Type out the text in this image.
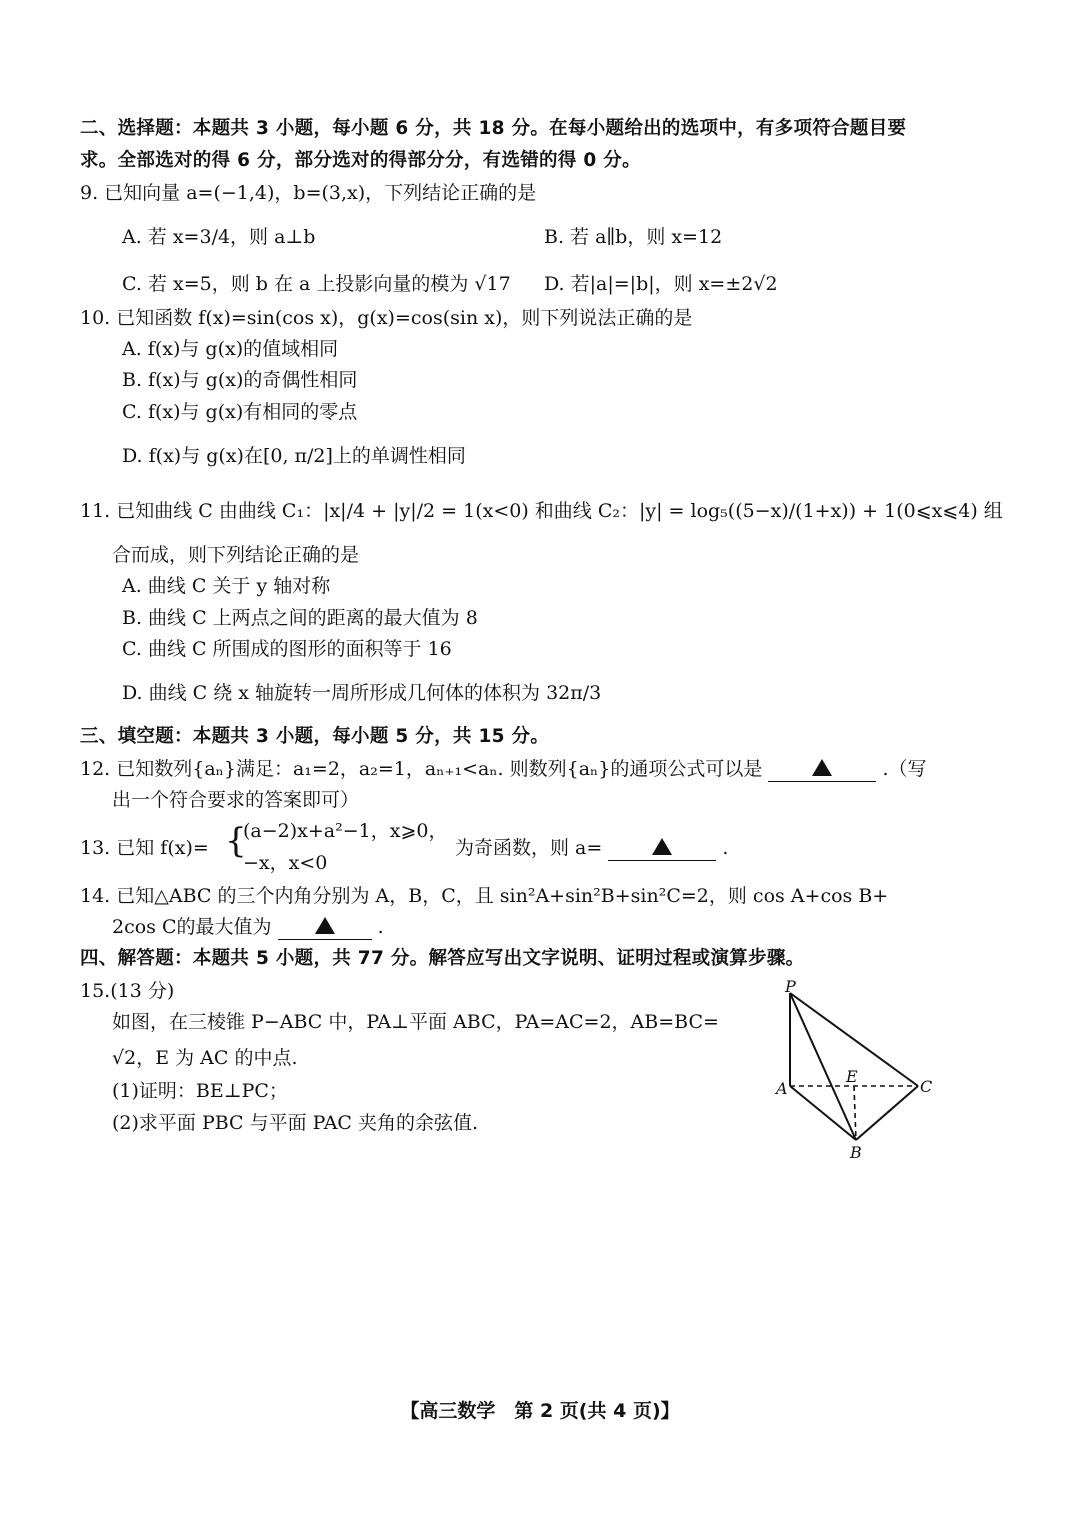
二、选择题：本题共 3 小题，每小题 6 分，共 18 分。在每小题给出的选项中，有多项符合题目要
求。全部选对的得 6 分，部分选对的得部分分，有选错的得 0 分。
9. 已知向量 a=(−1,4)，b=(3,x)，下列结论正确的是
A. 若 x=3/4，则 a⊥b	B. 若 a∥b，则 x=12
C. 若 x=5，则 b 在 a 上投影向量的模为 √17 D. 若|a|=|b|，则 x=±2√2
10. 已知函数 f(x)=sin(cos x)，g(x)=cos(sin x)，则下列说法正确的是
A. f(x)与 g(x)的值域相同
B. f(x)与 g(x)的奇偶性相同
C. f(x)与 g(x)有相同的零点
D. f(x)与 g(x)在[0, π/2]上的单调性相同
11. 已知曲线 C 由曲线 C₁：|x|/4 + |y|/2 = 1(x<0) 和曲线 C₂：|y| = log₅((5−x)/(1+x)) + 1(0⩽x⩽4) 组
合而成，则下列结论正确的是
A. 曲线 C 关于 y 轴对称
B. 曲线 C 上两点之间的距离的最大值为 8
C. 曲线 C 所围成的图形的面积等于 16
D. 曲线 C 绕 x 轴旋转一周所形成几何体的体积为 32π/3
三、填空题：本题共 3 小题，每小题 5 分，共 15 分。
12. 已知数列{aₙ}满足：a₁=2，a₂=1，aₙ₊₁<aₙ. 则数列{aₙ}的通项公式可以是	.（写
出一个符合要求的答案即可）
13. 已知 f(x)= {
(a−2)x+a²−1，x⩾0，
−x，x<0
为奇函数，则 a=	.
14. 已知△ABC 的三个内角分别为 A，B，C，且 sin²A+sin²B+sin²C=2，则 cos A+cos B+
2cos C的最大值为	.
四、解答题：本题共 5 小题，共 77 分。解答应写出文字说明、证明过程或演算步骤。
15.(13 分)
如图，在三棱锥 P−ABC 中，PA⊥平面 ABC，PA=AC=2，AB=BC=
√2，E 为 AC 的中点.
(1)证明：BE⊥PC；
(2)求平面 PBC 与平面 PAC 夹角的余弦值.
P
A
B
C
E
【高三数学　第 2 页(共 4 页)】
